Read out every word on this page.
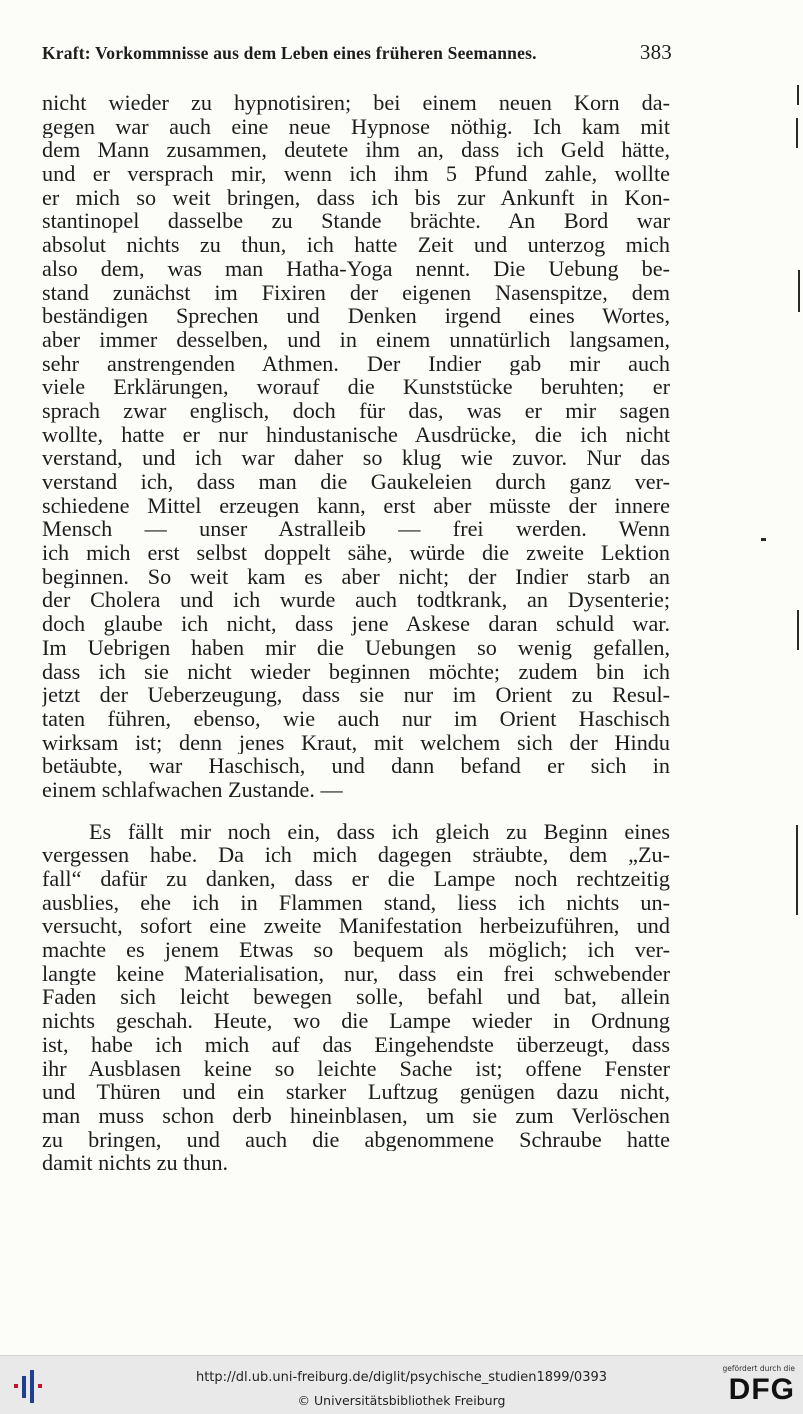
Kraft: Vorkommnisse aus dem Leben eines früheren Seemannes.	383
nicht wieder zu hypnotisiren; bei einem neuen Korn da-
gegen war auch eine neue Hypnose nöthig. Ich kam mit
dem Mann zusammen, deutete ihm an, dass ich Geld hätte,
und er versprach mir, wenn ich ihm 5 Pfund zahle, wollte
er mich so weit bringen, dass ich bis zur Ankunft in Kon-
stantinopel dasselbe zu Stande brächte. An Bord war
absolut nichts zu thun, ich hatte Zeit und unterzog mich
also dem, was man Hatha-Yoga nennt. Die Uebung be-
stand zunächst im Fixiren der eigenen Nasenspitze, dem
beständigen Sprechen und Denken irgend eines Wortes,
aber immer desselben, und in einem unnatürlich langsamen,
sehr anstrengenden Athmen. Der Indier gab mir auch
viele Erklärungen, worauf die Kunststücke beruhten; er
sprach zwar englisch, doch für das, was er mir sagen
wollte, hatte er nur hindustanische Ausdrücke, die ich nicht
verstand, und ich war daher so klug wie zuvor. Nur das
verstand ich, dass man die Gaukeleien durch ganz ver-
schiedene Mittel erzeugen kann, erst aber müsste der innere
Mensch — unser Astralleib — frei werden. Wenn
ich mich erst selbst doppelt sähe, würde die zweite Lektion
beginnen. So weit kam es aber nicht; der Indier starb an
der Cholera und ich wurde auch todtkrank, an Dysenterie;
doch glaube ich nicht, dass jene Askese daran schuld war.
Im Uebrigen haben mir die Uebungen so wenig gefallen,
dass ich sie nicht wieder beginnen möchte; zudem bin ich
jetzt der Ueberzeugung, dass sie nur im Orient zu Resul-
taten führen, ebenso, wie auch nur im Orient Haschisch
wirksam ist; denn jenes Kraut, mit welchem sich der Hindu
betäubte, war Haschisch, und dann befand er sich in
einem schlafwachen Zustande. —
Es fällt mir noch ein, dass ich gleich zu Beginn eines
vergessen habe. Da ich mich dagegen sträubte, dem „Zu-
fall“ dafür zu danken, dass er die Lampe noch rechtzeitig
ausblies, ehe ich in Flammen stand, liess ich nichts un-
versucht, sofort eine zweite Manifestation herbeizuführen, und
machte es jenem Etwas so bequem als möglich; ich ver-
langte keine Materialisation, nur, dass ein frei schwebender
Faden sich leicht bewegen solle, befahl und bat, allein
nichts geschah. Heute, wo die Lampe wieder in Ordnung
ist, habe ich mich auf das Eingehendste überzeugt, dass
ihr Ausblasen keine so leichte Sache ist; offene Fenster
und Thüren und ein starker Luftzug genügen dazu nicht,
man muss schon derb hineinblasen, um sie zum Verlöschen
zu bringen, und auch die abgenommene Schraube hatte
damit nichts zu thun.
http://dl.ub.uni-freiburg.de/diglit/psychische_studien1899/0393
© Universitätsbibliothek Freiburg
gefördert durch die
DFG
